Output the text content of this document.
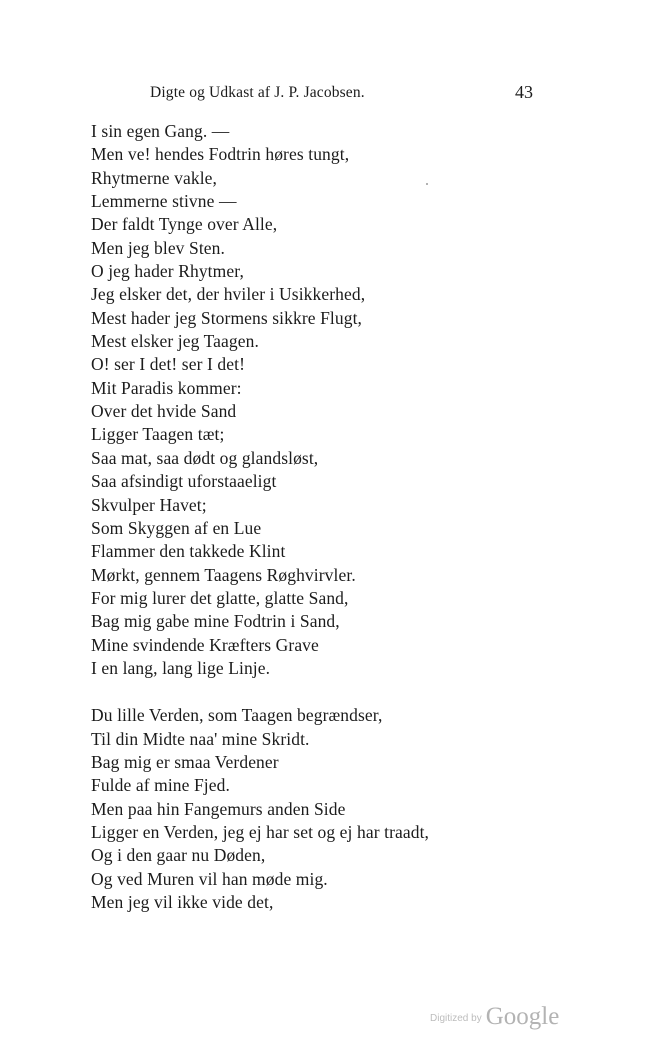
Digte og Udkast af J. P. Jacobsen.	43
I sin egen Gang. —
Men ve! hendes Fodtrin høres tungt,
Rhytmerne vakle,
Lemmerne stivne —
Der faldt Tynge over Alle,
Men jeg blev Sten.
O jeg hader Rhytmer,
Jeg elsker det, der hviler i Usikkerhed,
Mest hader jeg Stormens sikkre Flugt,
Mest elsker jeg Taagen.
O! ser I det! ser I det!
Mit Paradis kommer:
Over det hvide Sand
Ligger Taagen tæt;
Saa mat, saa dødt og glandsløst,
Saa afsindigt uforstaaeligt
Skvulper Havet;
Som Skyggen af en Lue
Flammer den takkede Klint
Mørkt, gennem Taagens Røghvirvler.
For mig lurer det glatte, glatte Sand,
Bag mig gabe mine Fodtrin i Sand,
Mine svindende Kræfters Grave
I en lang, lang lige Linje.
Du lille Verden, som Taagen begrændser,
Til din Midte naa' mine Skridt.
Bag mig er smaa Verdener
Fulde af mine Fjed.
Men paa hin Fangemurs anden Side
Ligger en Verden, jeg ej har set og ej har traadt,
Og i den gaar nu Døden,
Og ved Muren vil han møde mig.
Men jeg vil ikke vide det,
Digitized by Google
